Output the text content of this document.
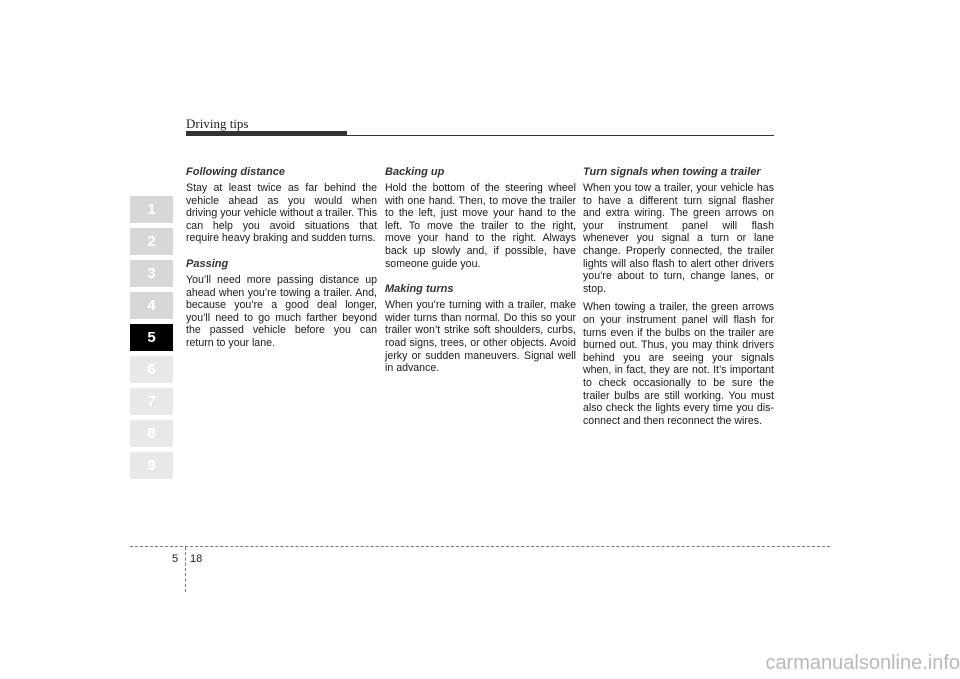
Driving tips
1
2
3
4
5
6
7
8
9
Following distance

Stay at least twice as far behind the vehicle ahead as you would when driving your vehicle without a trailer. This can help you avoid situations that require heavy braking and sudden turns.

Passing

You’ll need more passing distance up ahead when you’re towing a trailer. And, because you’re a good deal longer, you’ll need to go much farther beyond the passed vehicle before you can return to your lane.

Backing up

Hold the bottom of the steering wheel with one hand. Then, to move the trailer to the left, just move your hand to the left. To move the trailer to the right, move your hand to the right. Always back up slowly and, if possible, have someone guide you.

Making turns

When you’re turning with a trailer, make wider turns than normal. Do this so your trailer won’t strike soft shoulders, curbs, road signs, trees, or other objects. Avoid jerky or sudden maneuvers. Signal well in advance.

Turn signals when towing a trailer

When you tow a trailer, your vehicle has to have a different turn signal flasher and extra wiring. The green arrows on your instrument panel will flash whenever you signal a turn or lane change. Properly connected, the trailer lights will also flash to alert other drivers you’re about to turn, change lanes, or stop.

When towing a trailer, the green arrows on your instrument panel will flash for turns even if the bulbs on the trailer are burned out. Thus, you may think drivers behind you are seeing your signals when, in fact, they are not. It’s important to check occasionally to be sure the trailer bulbs are still working. You must also check the lights every time you disconnect and then reconnect the wires.

5 18
carmanualsonline.info
